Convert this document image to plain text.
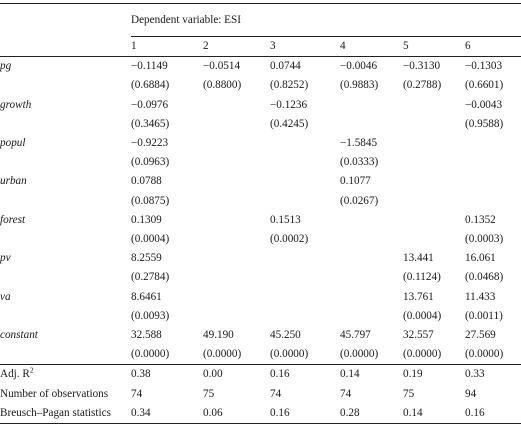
	Dependent variable: ESI					
	1	2	3	4	5	6
pg	−0.1149	−0.0514	0.0744	−0.0046	−0.3130	−0.1303
	(0.6884)	(0.8800)	(0.8252)	(0.9883)	(0.2788)	(0.6601)
growth	−0.0976		−0.1236			−0.0043
	(0.3465)		(0.4245)			(0.9588)
popul	−0.9223			−1.5845		
	(0.0963)			(0.0333)		
urban	0.0788			0.1077		
	(0.0875)			(0.0267)		
forest	0.1309		0.1513			0.1352
	(0.0004)		(0.0002)			(0.0003)
pv	8.2559				13.441	16.061
	(0.2784)				(0.1124)	(0.0468)
va	8.6461				13.761	11.433
	(0.0093)				(0.0004)	(0.0011)
constant	32.588	49.190	45.250	45.797	32.557	27.569
	(0.0000)	(0.0000)	(0.0000)	(0.0000)	(0.0000)	(0.0000)
Adj. $R^2$	0.38	0.00	0.16	0.14	0.19	0.33
Number of observations	74	75	74	74	75	94
Breusch–Pagan statistics	0.34	0.06	0.16	0.28	0.14	0.16
